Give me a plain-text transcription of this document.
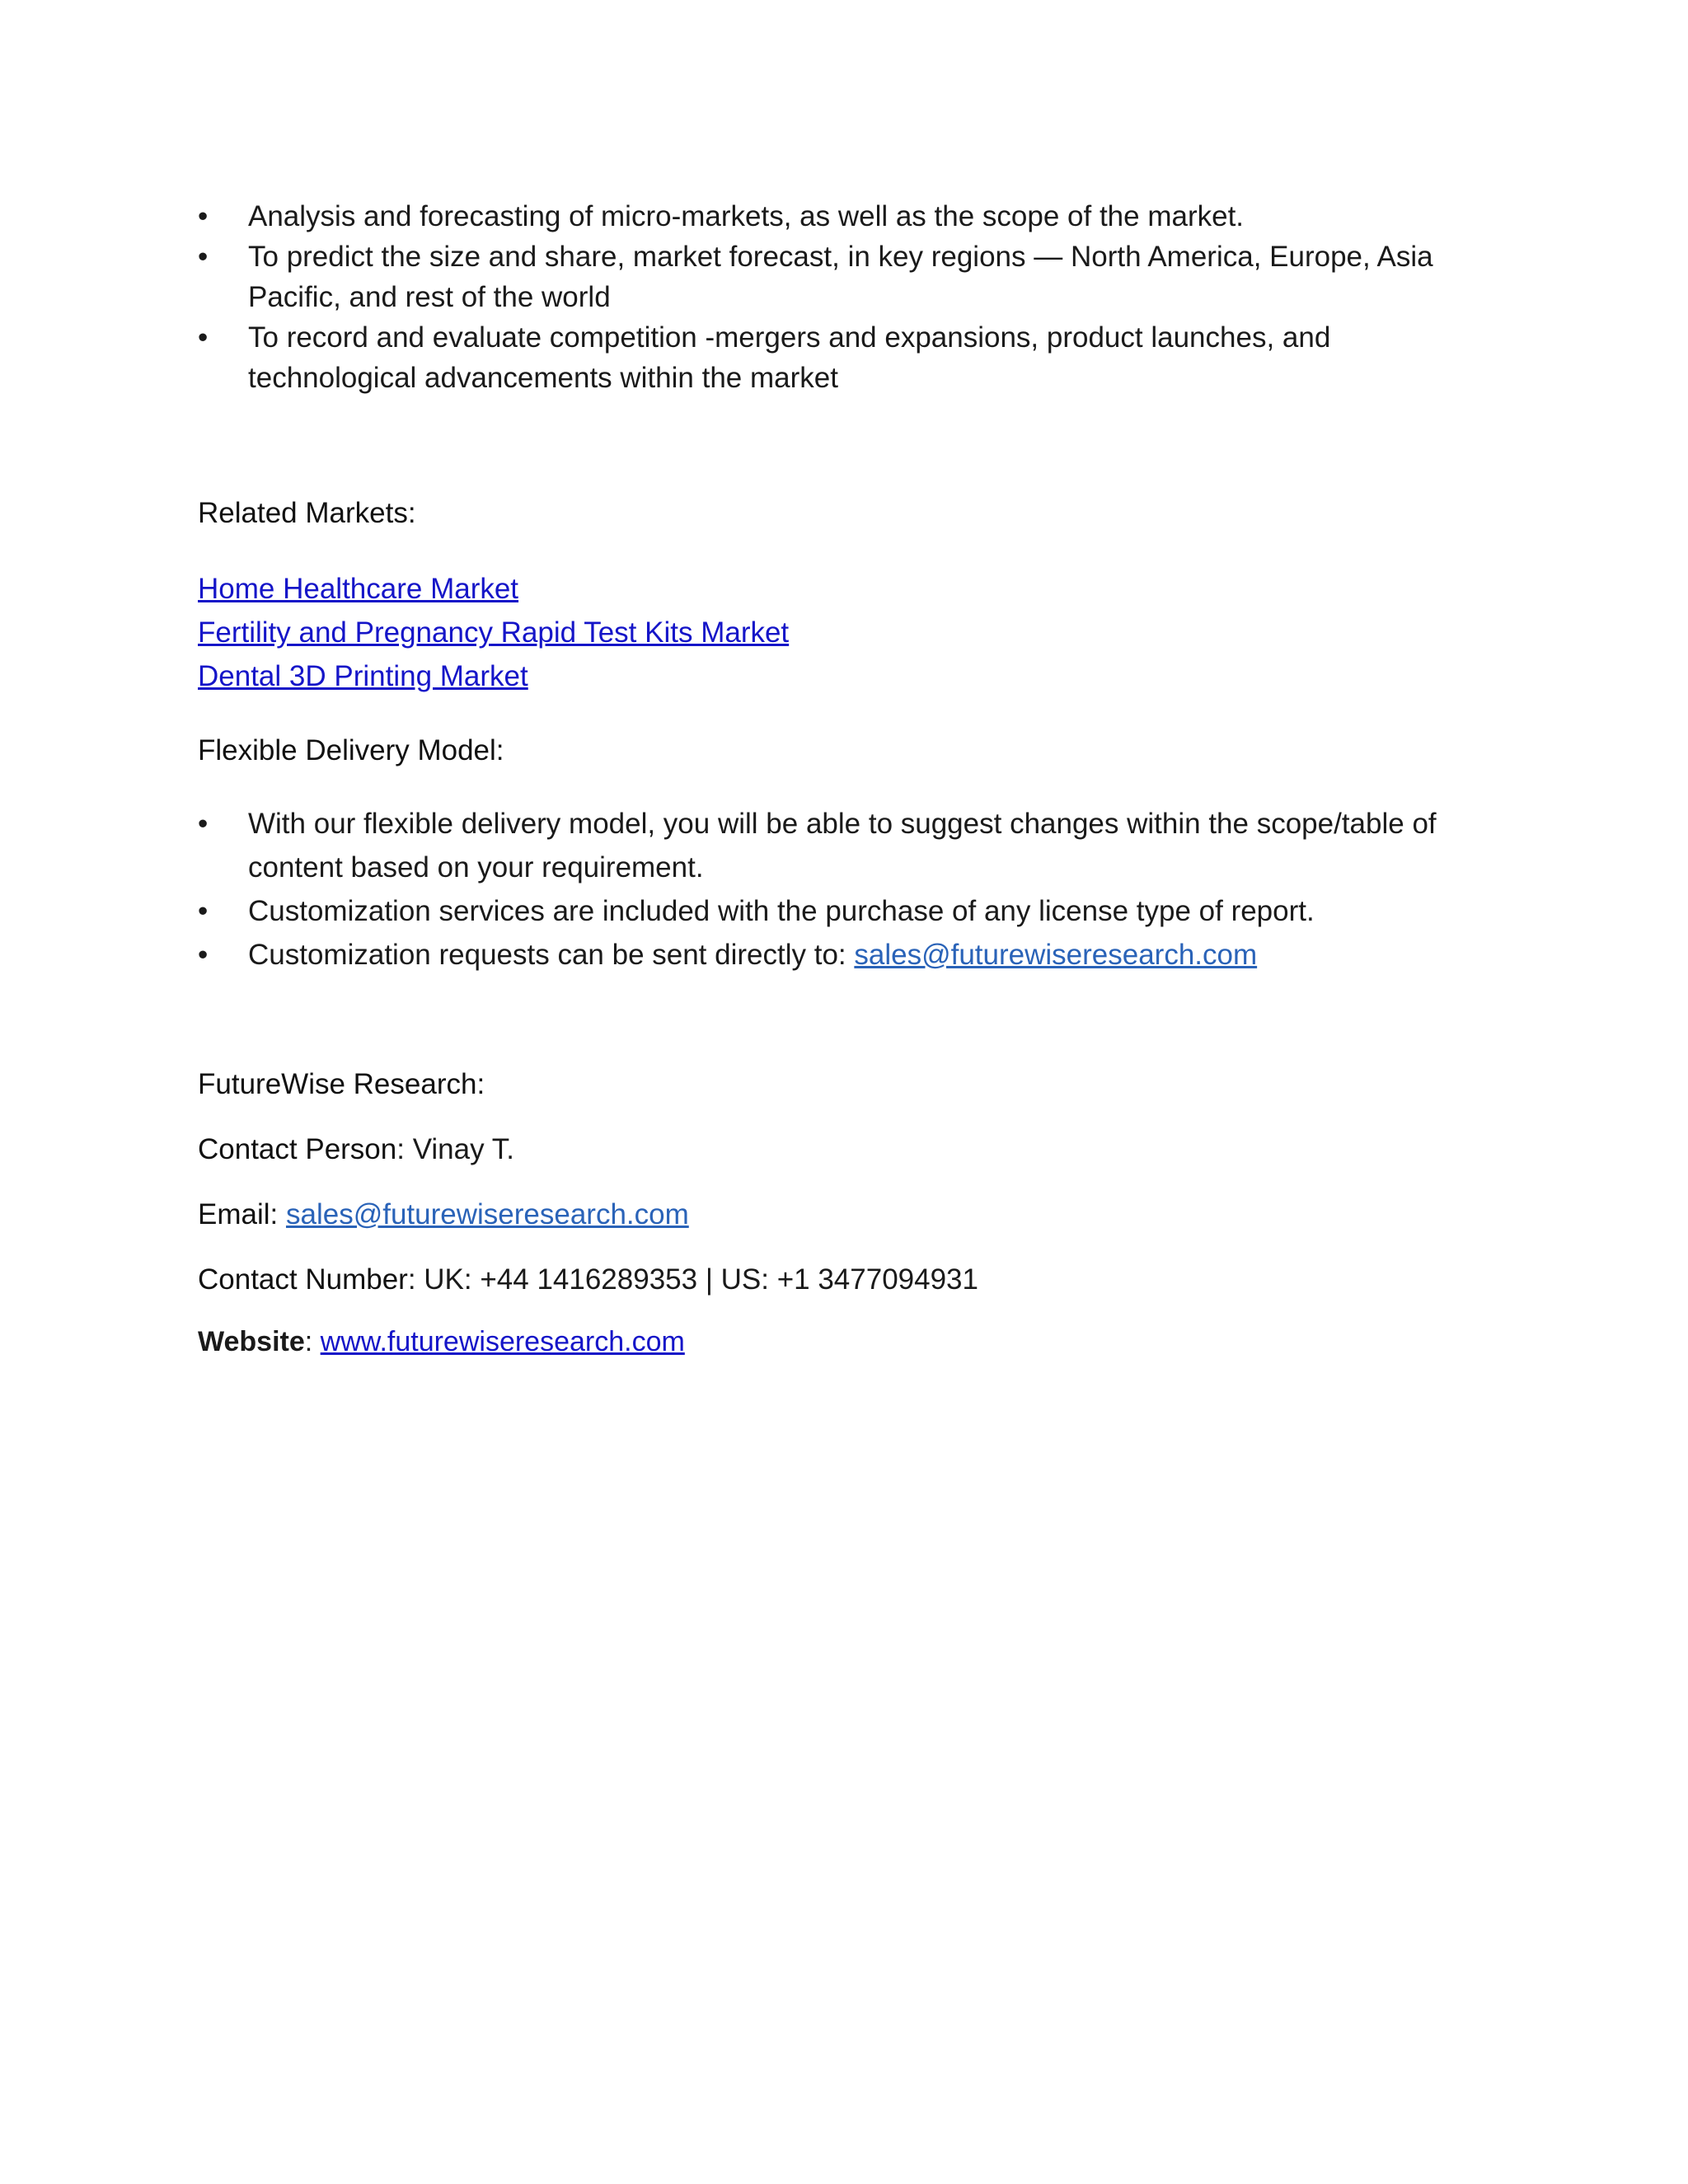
• Analysis and forecasting of micro-markets, as well as the scope of the market.
• To predict the size and share, market forecast, in key regions — North America, Europe, Asia Pacific, and rest of the world
• To record and evaluate competition -mergers and expansions, product launches, and technological advancements within the market
Related Markets:
Home Healthcare Market
Fertility and Pregnancy Rapid Test Kits Market
Dental 3D Printing Market
Flexible Delivery Model:
• With our flexible delivery model, you will be able to suggest changes within the scope/table of content based on your requirement.
• Customization services are included with the purchase of any license type of report.
• Customization requests can be sent directly to: sales@futurewiseresearch.com
FutureWise Research:
Contact Person: Vinay T.
Email: sales@futurewiseresearch.com
Contact Number: UK: +44 1416289353 | US: +1 3477094931
Website: www.futurewiseresearch.com
